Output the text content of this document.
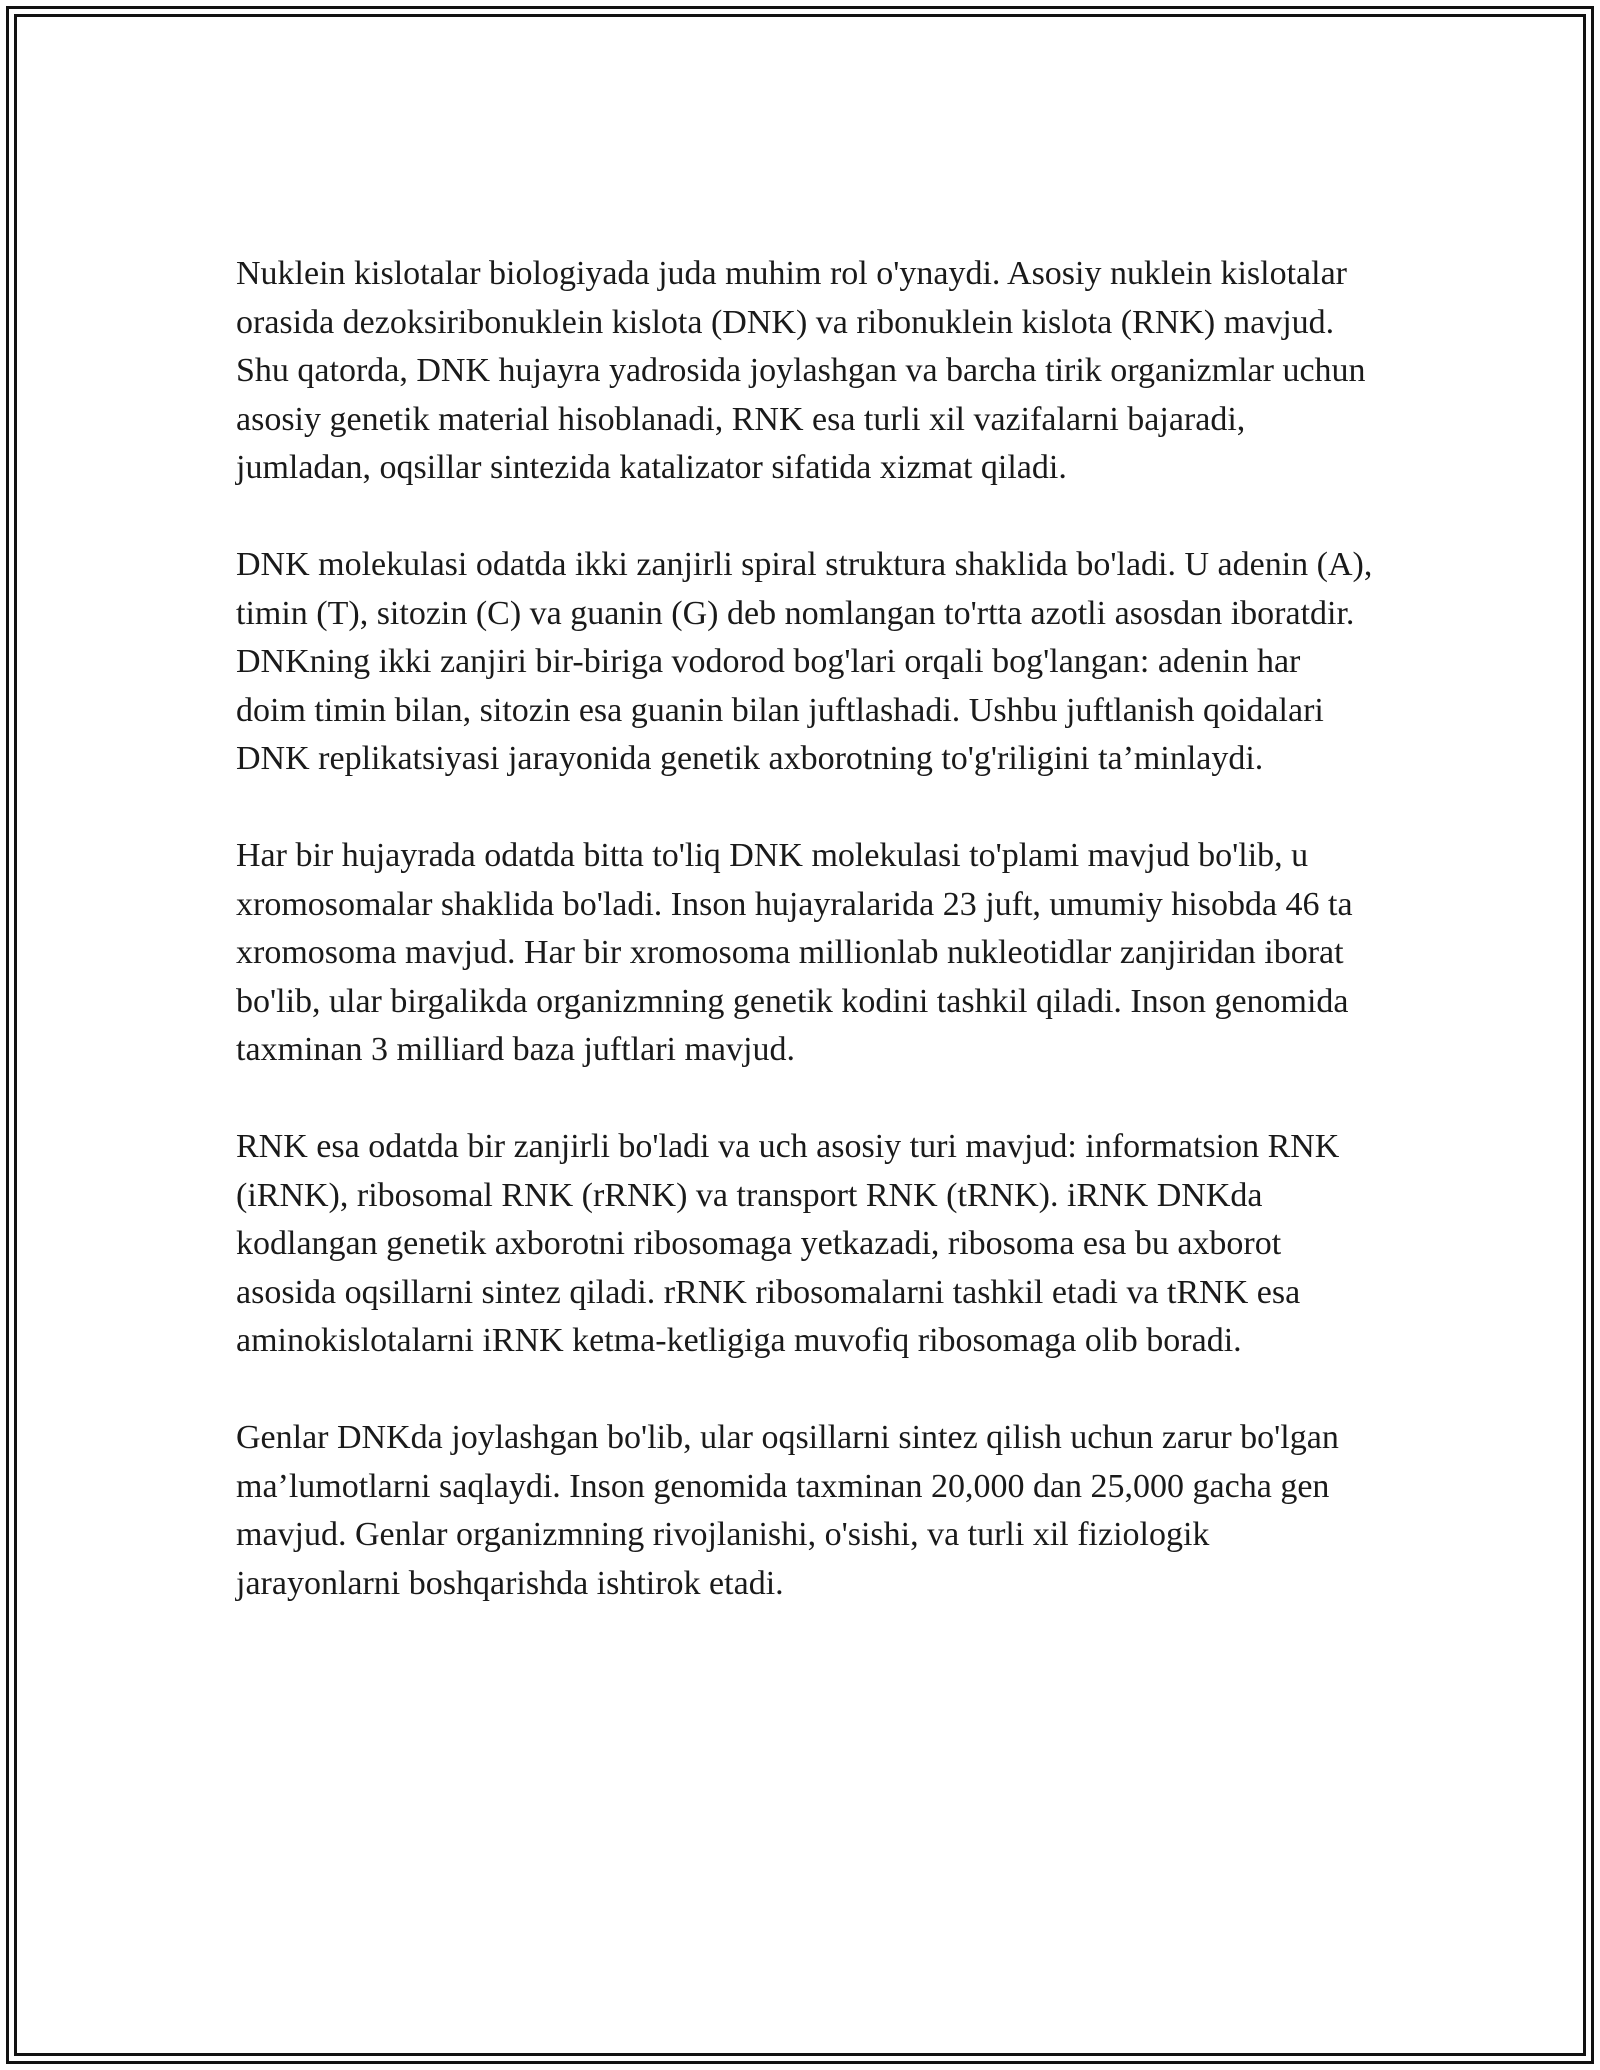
Nuklein kislotalar biologiyada juda muhim rol o'ynaydi. Asosiy nuklein kislotalar orasida dezoksiribonuklein kislota (DNK) va ribonuklein kislota (RNK) mavjud. Shu qatorda, DNK hujayra yadrosida joylashgan va barcha tirik organizmlar uchun asosiy genetik material hisoblanadi, RNK esa turli xil vazifalarni bajaradi, jumladan, oqsillar sintezida katalizator sifatida xizmat qiladi.

DNK molekulasi odatda ikki zanjirli spiral struktura shaklida bo'ladi. U adenin (A), timin (T), sitozin (C) va guanin (G) deb nomlangan to'rtta azotli asosdan iboratdir. DNKning ikki zanjiri bir-biriga vodorod bog'lari orqali bog'langan: adenin har doim timin bilan, sitozin esa guanin bilan juftlashadi. Ushbu juftlanish qoidalari DNK replikatsiyasi jarayonida genetik axborotning to'g'riligini ta’minlaydi.

Har bir hujayrada odatda bitta to'liq DNK molekulasi to'plami mavjud bo'lib, u xromosomalar shaklida bo'ladi. Inson hujayralarida 23 juft, umumiy hisobda 46 ta xromosoma mavjud. Har bir xromosoma millionlab nukleotidlar zanjiridan iborat bo'lib, ular birgalikda organizmning genetik kodini tashkil qiladi. Inson genomida taxminan 3 milliard baza juftlari mavjud.

RNK esa odatda bir zanjirli bo'ladi va uch asosiy turi mavjud: informatsion RNK (iRNK), ribosomal RNK (rRNK) va transport RNK (tRNK). iRNK DNKda kodlangan genetik axborotni ribosomaga yetkazadi, ribosoma esa bu axborot asosida oqsillarni sintez qiladi. rRNK ribosomalarni tashkil etadi va tRNK esa aminokislotalarni iRNK ketma-ketligiga muvofiq ribosomaga olib boradi.

Genlar DNKda joylashgan bo'lib, ular oqsillarni sintez qilish uchun zarur bo'lgan ma’lumotlarni saqlaydi. Inson genomida taxminan 20,000 dan 25,000 gacha gen mavjud. Genlar organizmning rivojlanishi, o'sishi, va turli xil fiziologik jarayonlarni boshqarishda ishtirok etadi.
